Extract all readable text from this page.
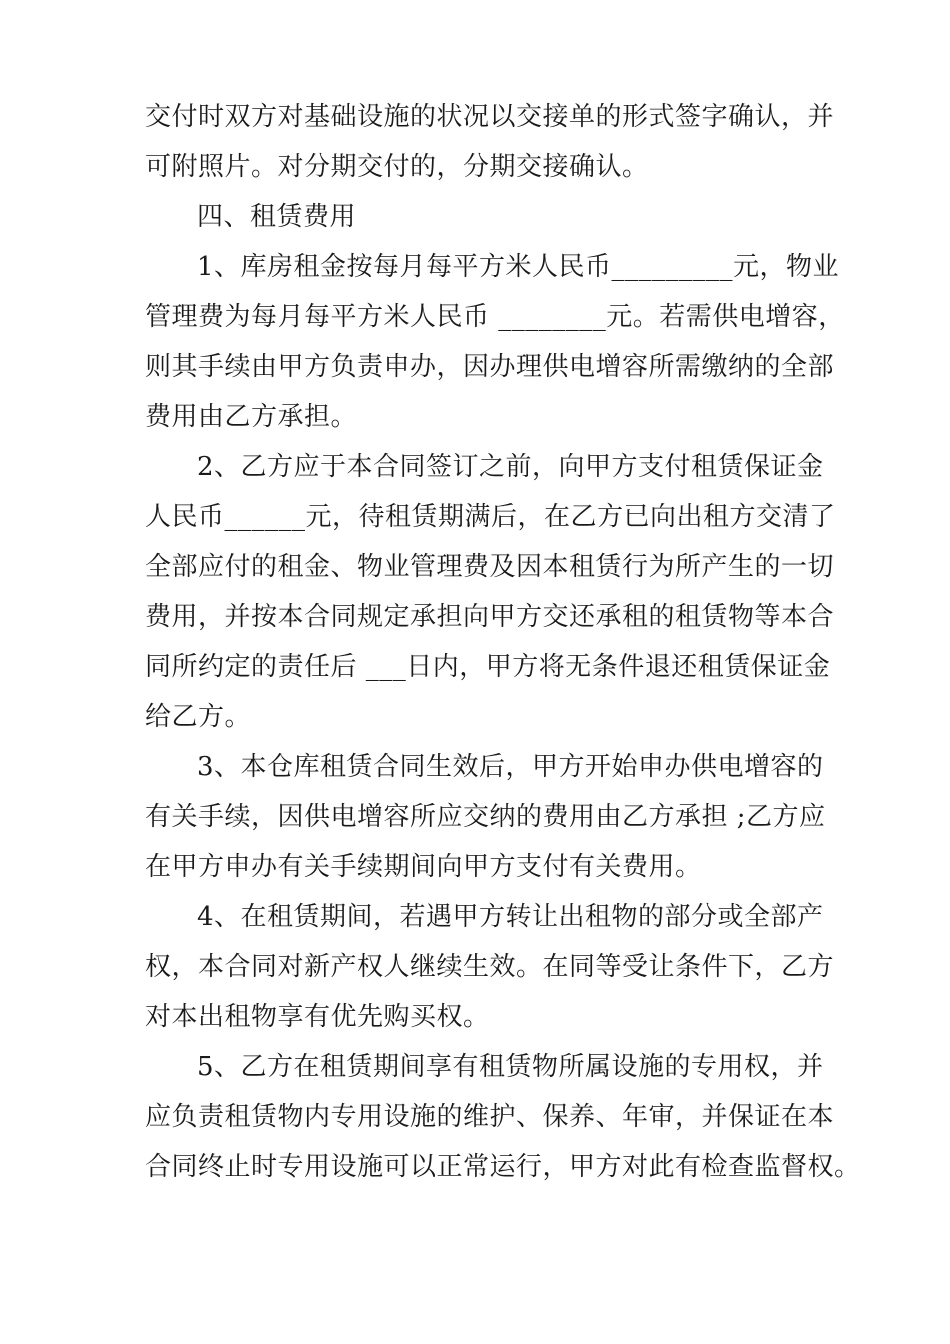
交付时双方对基础设施的状况以交接单的形式签字确认，并
可附照片。对分期交付的，分期交接确认。
四、租赁费用
1、库房租金按每月每平方米人民币_________元，物业
管理费为每月每平方米人民币 ________元。若需供电增容，
则其手续由甲方负责申办，因办理供电增容所需缴纳的全部
费用由乙方承担。
2、乙方应于本合同签订之前，向甲方支付租赁保证金
人民币______元，待租赁期满后，在乙方已向出租方交清了
全部应付的租金、物业管理费及因本租赁行为所产生的一切
费用，并按本合同规定承担向甲方交还承租的租赁物等本合
同所约定的责任后 ___日内，甲方将无条件退还租赁保证金
给乙方。
3、本仓库租赁合同生效后，甲方开始申办供电增容的
有关手续，因供电增容所应交纳的费用由乙方承担 ;乙方应
在甲方申办有关手续期间向甲方支付有关费用。
4、在租赁期间，若遇甲方转让出租物的部分或全部产
权，本合同对新产权人继续生效。在同等受让条件下，乙方
对本出租物享有优先购买权。
5、乙方在租赁期间享有租赁物所属设施的专用权，并
应负责租赁物内专用设施的维护、保养、年审，并保证在本
合同终止时专用设施可以正常运行，甲方对此有检查监督权。
